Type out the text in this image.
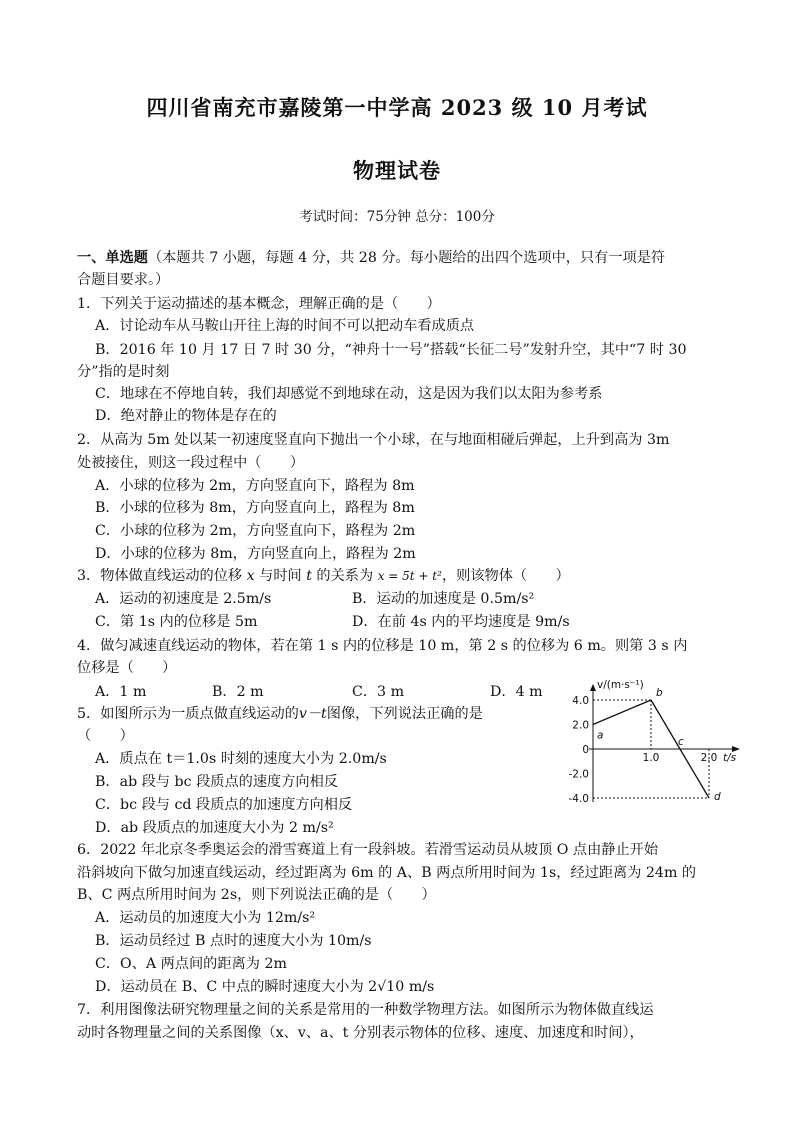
四川省南充市嘉陵第一中学高 2023 级 10 月考试
物理试卷
考试时间：75分钟 总分：100分
一、单选题（本题共 7 小题，每题 4 分，共 28 分。每小题给的出四个选项中，只有一项是符
合题目要求。）
1．下列关于运动描述的基本概念，理解正确的是（　　）
A．讨论动车从马鞍山开往上海的时间不可以把动车看成质点
B．2016 年 10 月 17 日 7 时 30 分，“神舟十一号”搭载“长征二号”发射升空，其中“7 时 30
分”指的是时刻
C．地球在不停地自转，我们却感觉不到地球在动，这是因为我们以太阳为参考系
D．绝对静止的物体是存在的
2．从高为 5m 处以某一初速度竖直向下抛出一个小球，在与地面相碰后弹起，上升到高为 3m
处被接住，则这一段过程中（　　）
A．小球的位移为 2m，方向竖直向下，路程为 8m
B．小球的位移为 8m，方向竖直向上，路程为 8m
C．小球的位移为 2m，方向竖直向下，路程为 2m
D．小球的位移为 8m，方向竖直向上，路程为 2m
3．物体做直线运动的位移 x 与时间 t 的关系为 x = 5t + t²，则该物体（　　）
A．运动的初速度是 2.5m/s	B．运动的加速度是 0.5m/s²
C．第 1s 内的位移是 5m	D．在前 4s 内的平均速度是 9m/s
4．做匀减速直线运动的物体，若在第 1 s 内的位移是 10 m，第 2 s 的位移为 6 m。则第 3 s 内
位移是（　　）
A．1 m	B．2 m	C．3 m	D．4 m
5．如图所示为一质点做直线运动的v－t图像，下列说法正确的是
（　　）
A．质点在 t＝1.0s 时刻的速度大小为 2.0m/s
B．ab 段与 bc 段质点的速度方向相反
C．bc 段与 cd 段质点的加速度方向相反
D．ab 段质点的加速度大小为 2 m/s²
v/(m·s⁻¹)
t/s
4.0
2.0
0
-2.0
-4.0
1.0	2.0
a
b
c
d
6．2022 年北京冬季奥运会的滑雪赛道上有一段斜坡。若滑雪运动员从坡顶 O 点由静止开始
沿斜坡向下做匀加速直线运动，经过距离为 6m 的 A、B 两点所用时间为 1s，经过距离为 24m 的
B、C 两点所用时间为 2s，则下列说法正确的是（　　）
A．运动员的加速度大小为 12m/s²
B．运动员经过 B 点时的速度大小为 10m/s
C．O、A 两点间的距离为 2m
D．运动员在 B、C 中点的瞬时速度大小为 2√10 m/s
7．利用图像法研究物理量之间的关系是常用的一种数学物理方法。如图所示为物体做直线运
动时各物理量之间的关系图像（x、v、a、t 分别表示物体的位移、速度、加速度和时间），
